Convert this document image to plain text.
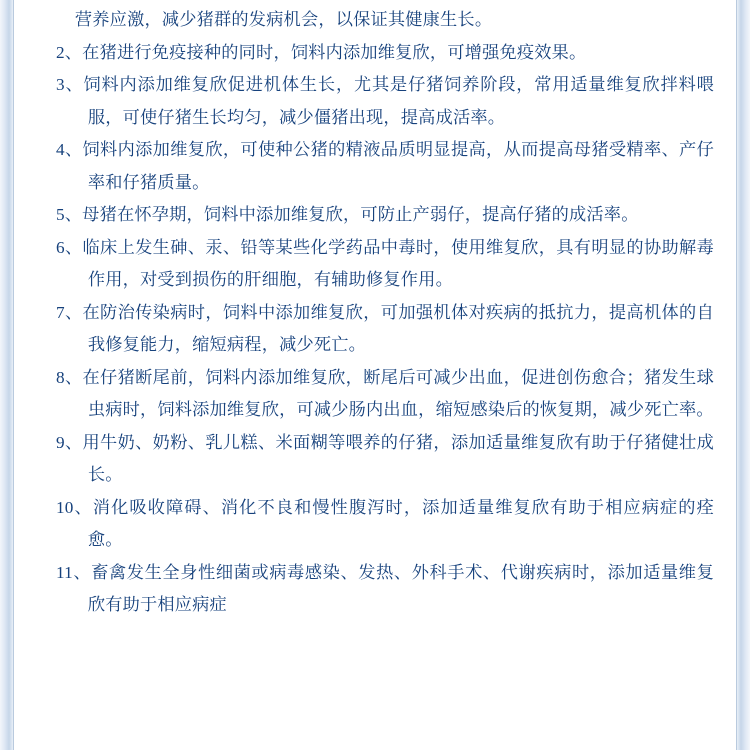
营养应激，减少猪群的发病机会，以保证其健康生长。

2、在猪进行免疫接种的同时，饲料内添加维复欣，可增强免疫效果。

3、饲料内添加维复欣促进机体生长，尤其是仔猪饲养阶段，常用适量维复欣拌料喂服，可使仔猪生长均匀，减少僵猪出现，提高成活率。

4、饲料内添加维复欣，可使种公猪的精液品质明显提高，从而提高母猪受精率、产仔率和仔猪质量。

5、母猪在怀孕期，饲料中添加维复欣，可防止产弱仔，提高仔猪的成活率。

6、临床上发生砷、汞、铅等某些化学药品中毒时，使用维复欣，具有明显的协助解毒作用，对受到损伤的肝细胞，有辅助修复作用。

7、在防治传染病时，饲料中添加维复欣，可加强机体对疾病的抵抗力，提高机体的自我修复能力，缩短病程，减少死亡。

8、在仔猪断尾前，饲料内添加维复欣，断尾后可减少出血，促进创伤愈合；猪发生球虫病时，饲料添加维复欣，可减少肠内出血，缩短感染后的恢复期，减少死亡率。

9、用牛奶、奶粉、乳儿糕、米面糊等喂养的仔猪，添加适量维复欣有助于仔猪健壮成长。

10、消化吸收障碍、消化不良和慢性腹泻时，添加适量维复欣有助于相应病症的痊愈。

11、畜禽发生全身性细菌或病毒感染、发热、外科手术、代谢疾病时，添加适量维复欣有助于相应病症
